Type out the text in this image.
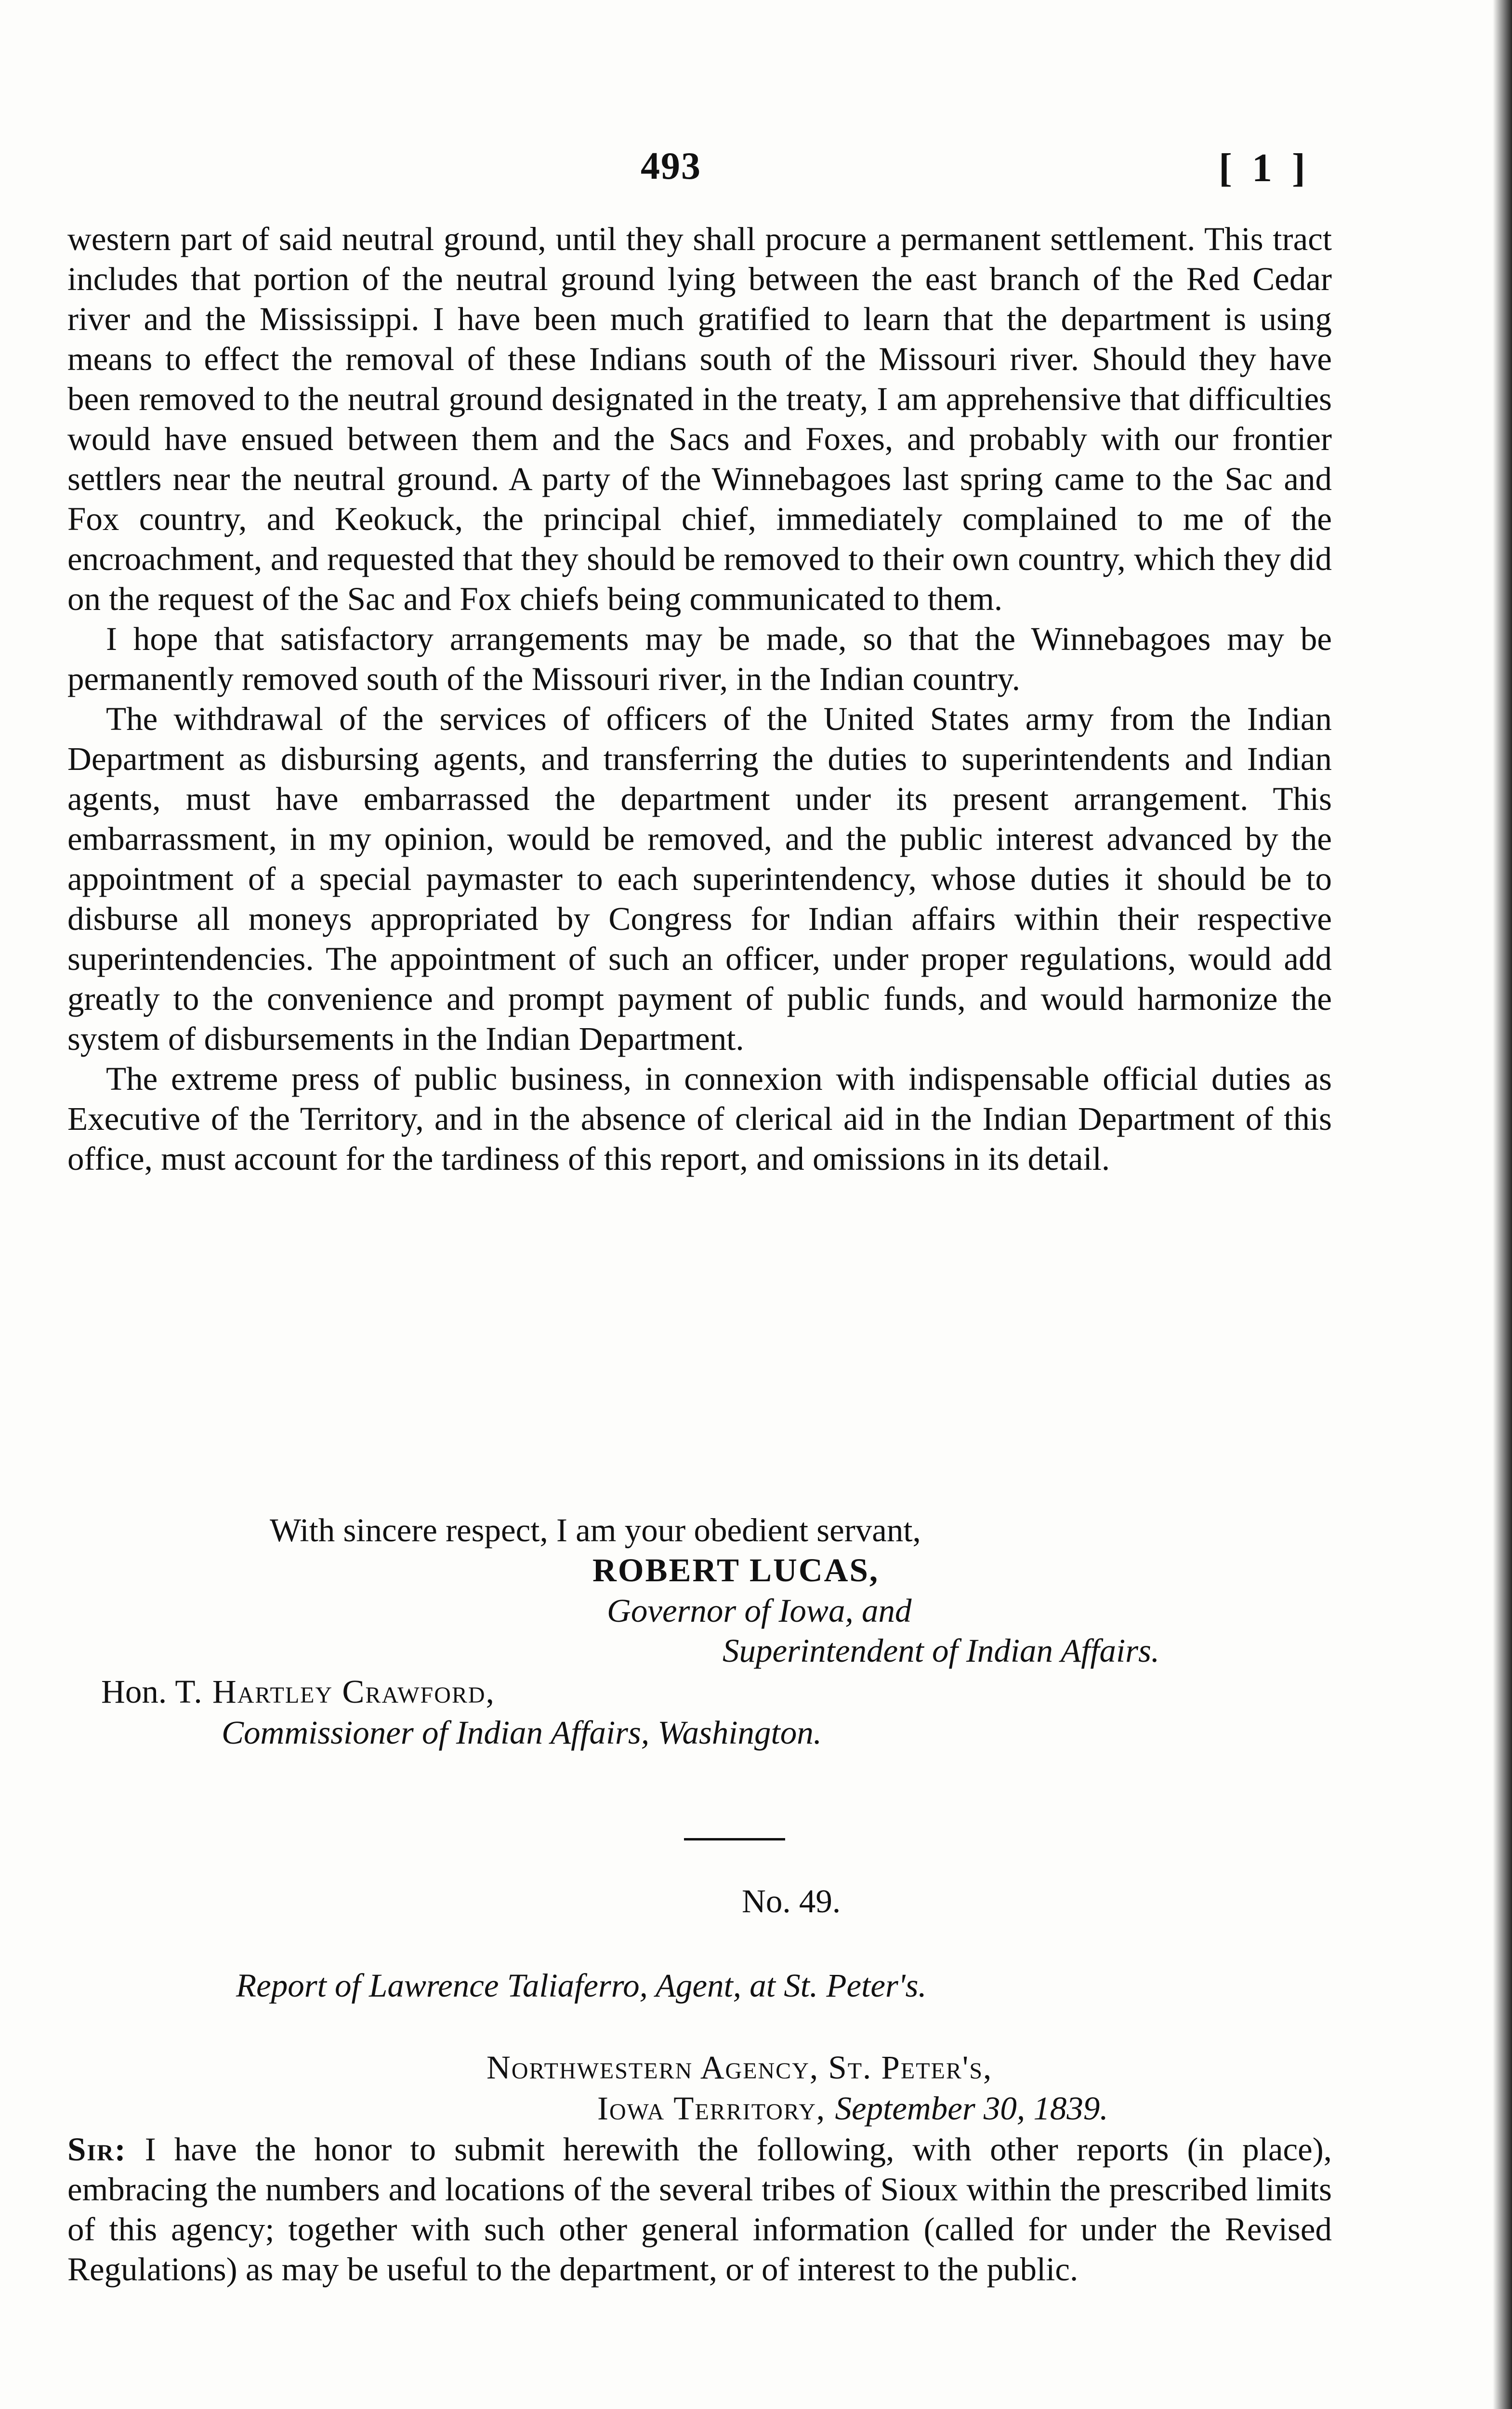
493	[ 1 ]
western part of said neutral ground, until they shall procure a permanent settlement. This tract includes that portion of the neutral ground lying between the east branch of the Red Cedar river and the Mississippi. I have been much gratified to learn that the department is using means to effect the removal of these Indians south of the Missouri river. Should they have been removed to the neutral ground designated in the treaty, I am apprehensive that difficulties would have ensued between them and the Sacs and Foxes, and probably with our frontier settlers near the neutral ground. A party of the Winnebagoes last spring came to the Sac and Fox country, and Keokuck, the principal chief, immediately complained to me of the encroachment, and requested that they should be removed to their own country, which they did on the request of the Sac and Fox chiefs being communicated to them.
I hope that satisfactory arrangements may be made, so that the Winnebagoes may be permanently removed south of the Missouri river, in the Indian country.
The withdrawal of the services of officers of the United States army from the Indian Department as disbursing agents, and transferring the duties to superintendents and Indian agents, must have embarrassed the department under its present arrangement. This embarrassment, in my opinion, would be removed, and the public interest advanced by the appointment of a special paymaster to each superintendency, whose duties it should be to disburse all moneys appropriated by Congress for Indian affairs within their respective superintendencies. The appointment of such an officer, under proper regulations, would add greatly to the convenience and prompt payment of public funds, and would harmonize the system of disbursements in the Indian Department.
The extreme press of public business, in connexion with indispensable official duties as Executive of the Territory, and in the absence of clerical aid in the Indian Department of this office, must account for the tardiness of this report, and omissions in its detail.
With sincere respect, I am your obedient servant,
ROBERT LUCAS,
Governor of Iowa, and
Superintendent of Indian Affairs.
Hon. T. Hartley Crawford,
Commissioner of Indian Affairs, Washington.
No. 49.
Report of Lawrence Taliaferro, Agent, at St. Peter's.
Northwestern Agency, St. Peter's,
Iowa Territory, September 30, 1839.
Sir: I have the honor to submit herewith the following, with other reports (in place), embracing the numbers and locations of the several tribes of Sioux within the prescribed limits of this agency; together with such other general information (called for under the Revised Regulations) as may be useful to the department, or of interest to the public.
